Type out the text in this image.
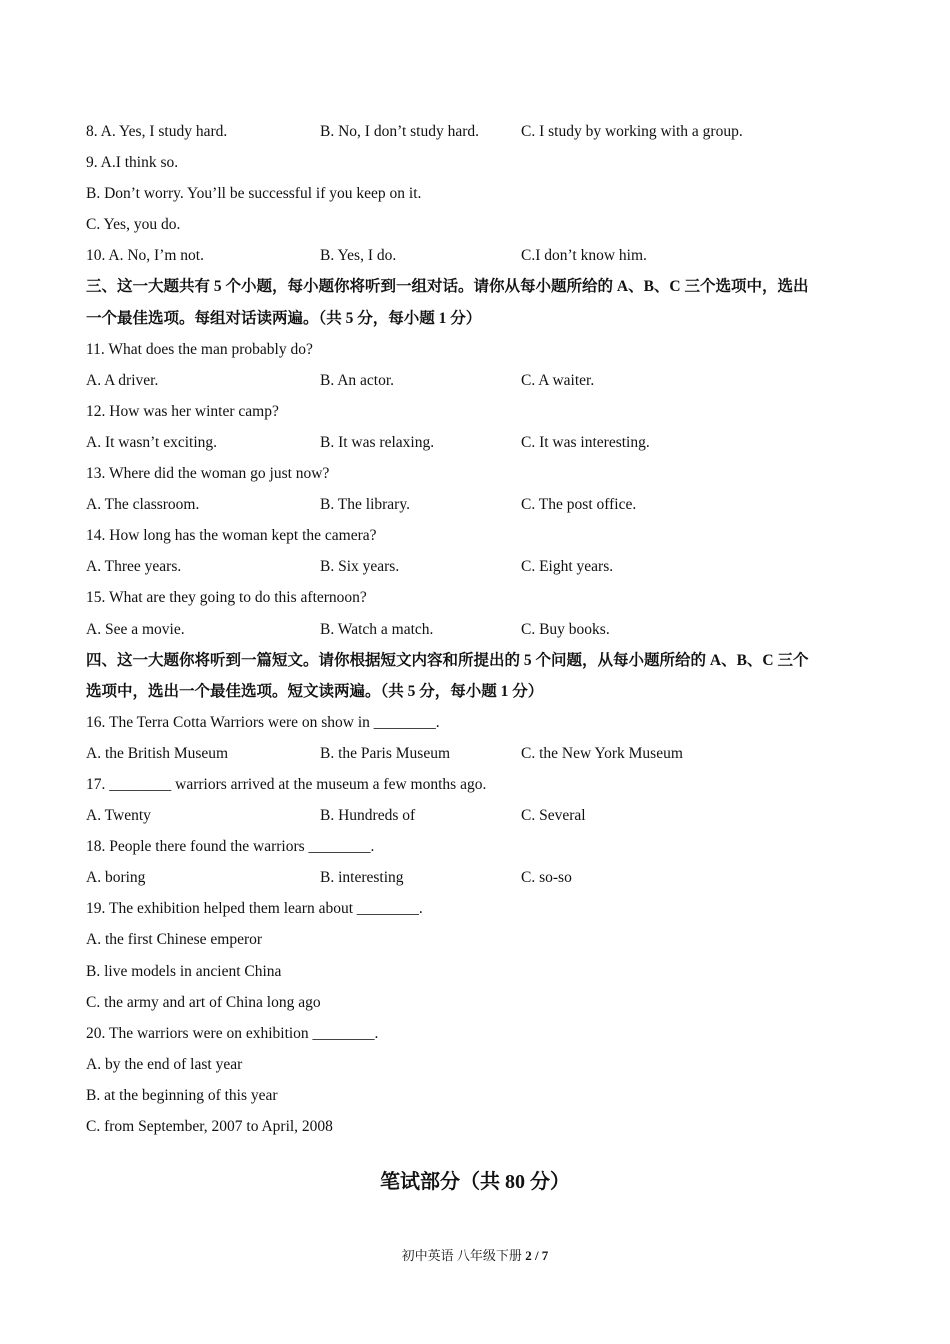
8. A. Yes, I study hard.	B. No, I don’t study hard.	C. I study by working with a group.
9. A.I think so.
B. Don’t worry. You’ll be successful if you keep on it.
C. Yes, you do.
10. A. No, I’m not.	B. Yes, I do.	C.I don’t know him.
三、这一大题共有 5 个小题，每小题你将听到一组对话。请你从每小题所给的 A、B、C 三个选项中，选出
一个最佳选项。每组对话读两遍。（共 5 分，每小题 1 分）
11. What does the man probably do?
A. A driver.	B. An actor.	C. A waiter.
12. How was her winter camp?
A. It wasn’t exciting.	B. It was relaxing.	C. It was interesting.
13. Where did the woman go just now?
A. The classroom.	B. The library.	C. The post office.
14. How long has the woman kept the camera?
A. Three years.	B. Six years.	C. Eight years.
15. What are they going to do this afternoon?
A. See a movie.	B. Watch a match.	C. Buy books.
四、这一大题你将听到一篇短文。请你根据短文内容和所提出的 5 个问题，从每小题所给的 A、B、C 三个
选项中，选出一个最佳选项。短文读两遍。（共 5 分，每小题 1 分）
16. The Terra Cotta Warriors were on show in ________.
A. the British Museum	B. the Paris Museum	C. the New York Museum
17. ________ warriors arrived at the museum a few months ago.
A. Twenty	B. Hundreds of	C. Several
18. People there found the warriors ________.
A. boring	B. interesting	C. so-so
19. The exhibition helped them learn about ________.
A. the first Chinese emperor
B. live models in ancient China
C. the army and art of China long ago
20. The warriors were on exhibition ________.
A. by the end of last year
B. at the beginning of this year
C. from September, 2007 to April, 2008
笔试部分（共 80 分）
初中英语 八年级下册 2 / 7
